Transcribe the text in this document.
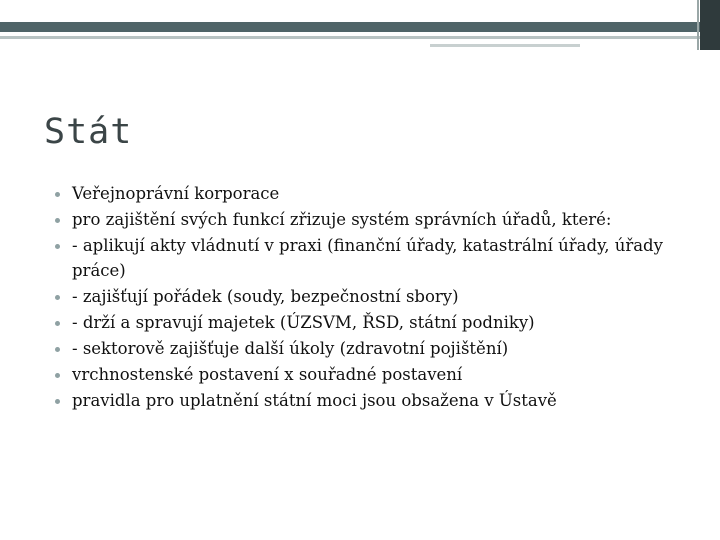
Stát
Veřejnoprávní korporace
pro zajištění svých funkcí zřizuje systém správních úřadů, které:
- aplikují akty vládnutí v praxi (finanční úřady, katastrální úřady, úřady práce)
- zajišťují pořádek (soudy, bezpečnostní sbory)
- drží a spravují majetek (ÚZSVM, ŘSD, státní podniky)
- sektorově zajišťuje další úkoly (zdravotní pojištění)
vrchnostenské postavení x souřadné postavení
pravidla pro uplatnění státní moci jsou obsažena v Ústavě
